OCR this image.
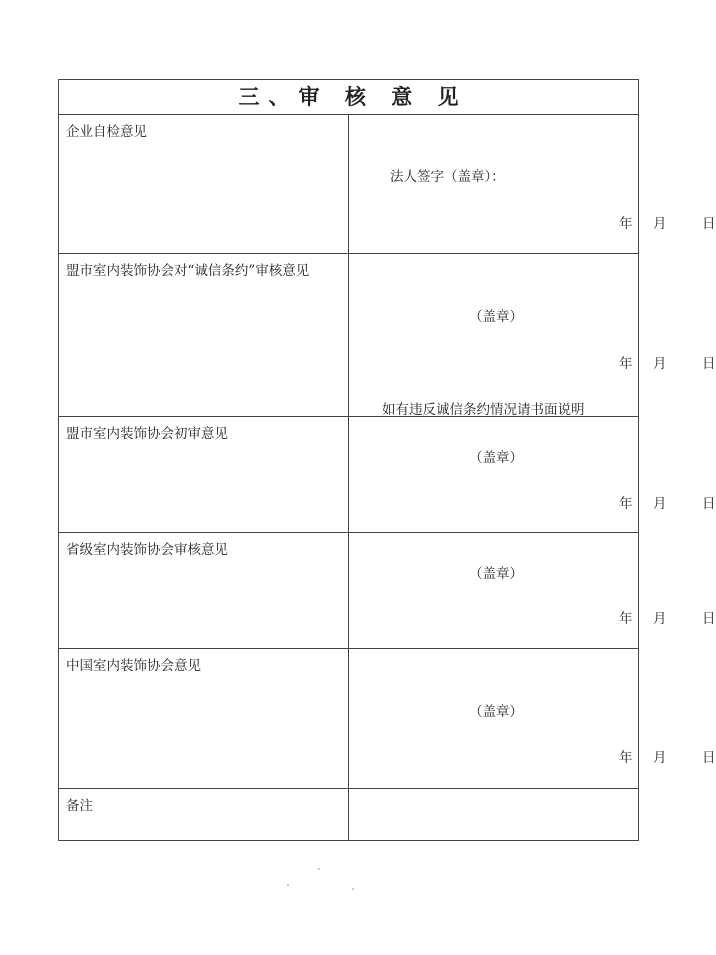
三、审 核 意 见	

企业自检意见	法人签字（盖章）：
年 月 日

盟市室内装饰协会对“诚信条约”审核意见	（盖章）
年 月 日
如有违反诚信条约情况请书面说明

盟市室内装饰协会初审意见	（盖章）
年 月 日

省级室内装饰协会审核意见	（盖章）
年 月 日

中国室内装饰协会意见	（盖章）
年 月 日

备注	
